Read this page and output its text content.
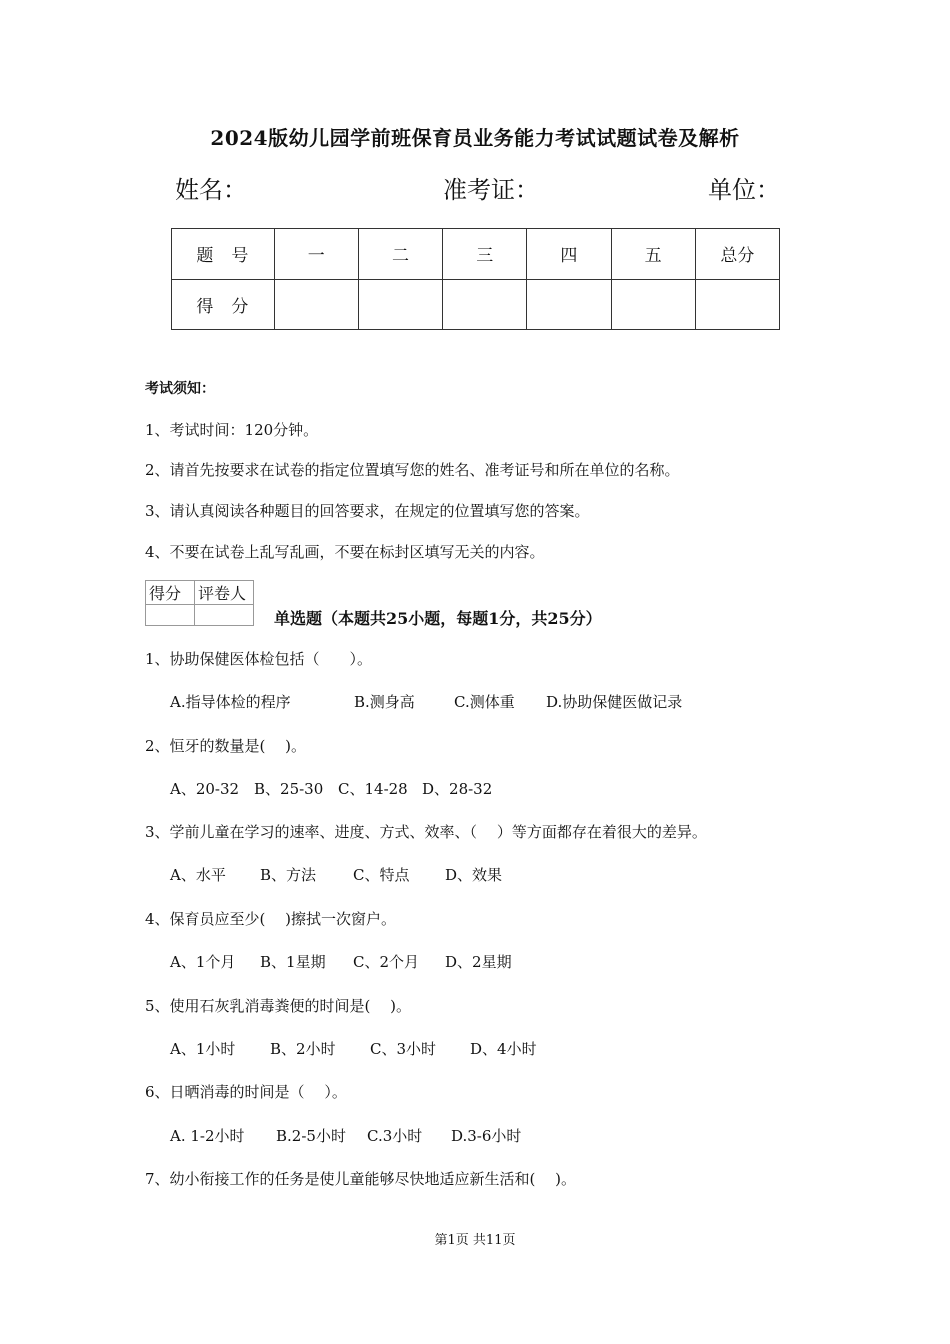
2024版幼儿园学前班保育员业务能力考试试题试卷及解析
姓名：	准考证：	单位：
题号	一	二	三	四	五	总分
得分						
考试须知：
1、考试时间：120分钟。
2、请首先按要求在试卷的指定位置填写您的姓名、准考证号和所在单位的名称。
3、请认真阅读各种题目的回答要求，在规定的位置填写您的答案。
4、不要在试卷上乱写乱画，不要在标封区填写无关的内容。
得分	评卷人

单选题（本题共25小题，每题1分，共25分）
1、协助保健医体检包括（　　）。
A.指导体检的程序	B.测身高	C.测体重 D.协助保健医做记录
2、恒牙的数量是(　 )。
A、20-32 B、25-30 C、14-28 D、28-32
3、学前儿童在学习的速率、进度、方式、效率、（　 ）等方面都存在着很大的差异。
A、水平 B、方法 C、特点 D、效果
4、保育员应至少(　 )擦拭一次窗户。
A、1个月 B、1星期 C、2个月 D、2星期
5、使用石灰乳消毒粪便的时间是(　 )。
A、1小时 B、2小时 C、3小时 D、4小时
6、日晒消毒的时间是（　 ）。
A. 1-2小时 B.2-5小时 C.3小时 D.3-6小时
7、幼小衔接工作的任务是使儿童能够尽快地适应新生活和(　 )。
第1页 共11页
